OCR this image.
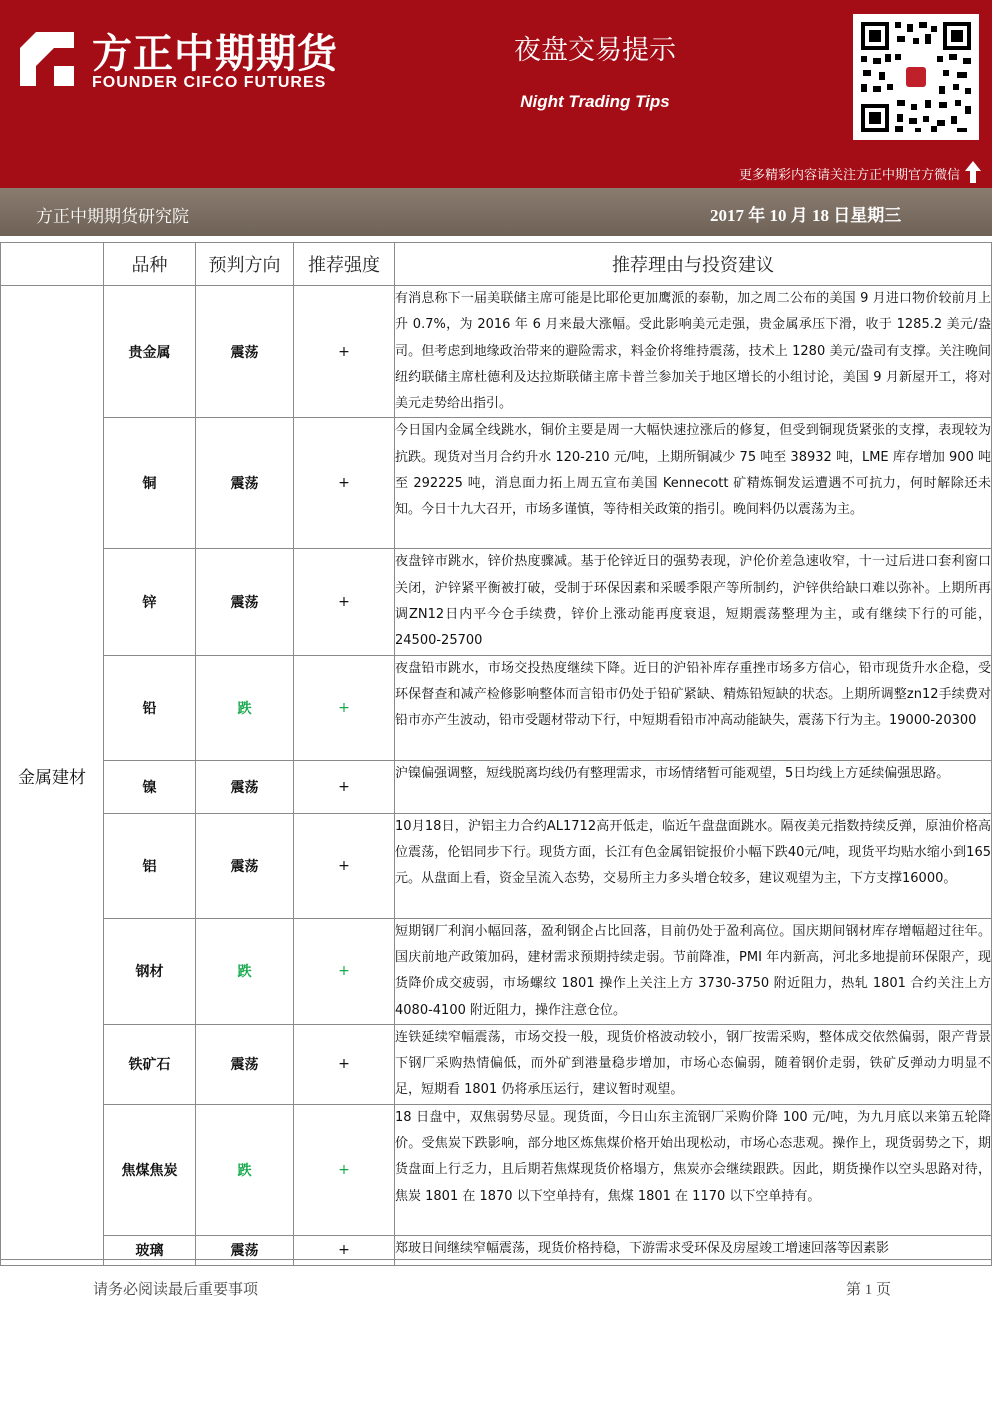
方正中期期货
FOUNDER CIFCO FUTURES
夜盘交易提示
Night Trading Tips
更多精彩内容请关注方正中期官方微信
方正中期期货研究院	2017 年 10 月 18 日星期三
	品种	预判方向	推荐强度	推荐理由与投资建议
金属建材	贵金属	震荡	+	有消息称下一届美联储主席可能是比耶伦更加鹰派的泰勒，加之周二公布的美国 9 月进口物价较前月上升 0.7%，为 2016 年 6 月来最大涨幅。受此影响美元走强，贵金属承压下滑，收于 1285.2 美元/盎司。但考虑到地缘政治带来的避险需求，料金价将维持震荡，技术上 1280 美元/盎司有支撑。关注晚间纽约联储主席杜德利及达拉斯联储主席卡普兰参加关于地区增长的小组讨论，美国 9 月新屋开工，将对美元走势给出指引。
	铜	震荡	+	今日国内金属全线跳水，铜价主要是周一大幅快速拉涨后的修复，但受到铜现货紧张的支撑，表现较为抗跌。现货对当月合约升水 120-210 元/吨，上期所铜减少 75 吨至 38932 吨，LME 库存增加 900 吨至 292225 吨，消息面力拓上周五宣布美国 Kennecott 矿精炼铜发运遭遇不可抗力，何时解除还未知。今日十九大召开，市场多谨慎，等待相关政策的指引。晚间料仍以震荡为主。
	锌	震荡	+	夜盘锌市跳水，锌价热度骤减。基于伦锌近日的强势表现，沪伦价差急速收窄，十一过后进口套利窗口关闭，沪锌紧平衡被打破，受制于环保因素和采暖季限产等所制约，沪锌供给缺口难以弥补。上期所再调ZN12日内平今仓手续费，锌价上涨动能再度衰退，短期震荡整理为主，或有继续下行的可能，24500-25700
	铅	跌	+	夜盘铅市跳水，市场交投热度继续下降。近日的沪铅补库存重挫市场多方信心，铅市现货升水企稳，受环保督查和减产检修影响整体而言铅市仍处于铅矿紧缺、精炼铅短缺的状态。上期所调整zn12手续费对铅市亦产生波动，铅市受题材带动下行，中短期看铅市冲高动能缺失，震荡下行为主。19000-20300
	镍	震荡	+	沪镍偏强调整，短线脱离均线仍有整理需求，市场情绪暂可能观望，5日均线上方延续偏强思路。
	铝	震荡	+	10月18日，沪铝主力合约AL1712高开低走，临近午盘盘面跳水。隔夜美元指数持续反弹，原油价格高位震荡，伦铝同步下行。现货方面，长江有色金属铝锭报价小幅下跌40元/吨，现货平均贴水缩小到165元。从盘面上看，资金呈流入态势，交易所主力多头增仓较多，建议观望为主，下方支撑16000。
	钢材	跌	+	短期钢厂利润小幅回落，盈利钢企占比回落，目前仍处于盈利高位。国庆期间钢材库存增幅超过往年。国庆前地产政策加码，建材需求预期持续走弱。节前降准，PMI 年内新高，河北多地提前环保限产，现货降价成交疲弱，市场螺纹 1801 操作上关注上方 3730-3750 附近阻力，热轧 1801 合约关注上方 4080-4100 附近阻力，操作注意仓位。
	铁矿石	震荡	+	连铁延续窄幅震荡，市场交投一般，现货价格波动较小，钢厂按需采购，整体成交依然偏弱，限产背景下钢厂采购热情偏低，而外矿到港量稳步增加，市场心态偏弱，随着钢价走弱，铁矿反弹动力明显不足，短期看 1801 仍将承压运行，建议暂时观望。
	焦煤焦炭	跌	+	18 日盘中，双焦弱势尽显。现货面，今日山东主流钢厂采购价降 100 元/吨，为九月底以来第五轮降价。受焦炭下跌影响，部分地区炼焦煤价格开始出现松动，市场心态悲观。操作上，现货弱势之下，期货盘面上行乏力，且后期若焦煤现货价格塌方，焦炭亦会继续跟跌。因此，期货操作以空头思路对待，焦炭 1801 在 1870 以下空单持有，焦煤 1801 在 1170 以下空单持有。
	玻璃	震荡	+	郑玻日间继续窄幅震荡，现货价格持稳，下游需求受环保及房屋竣工增速回落等因素影
请务必阅读最后重要事项	第 1 页
